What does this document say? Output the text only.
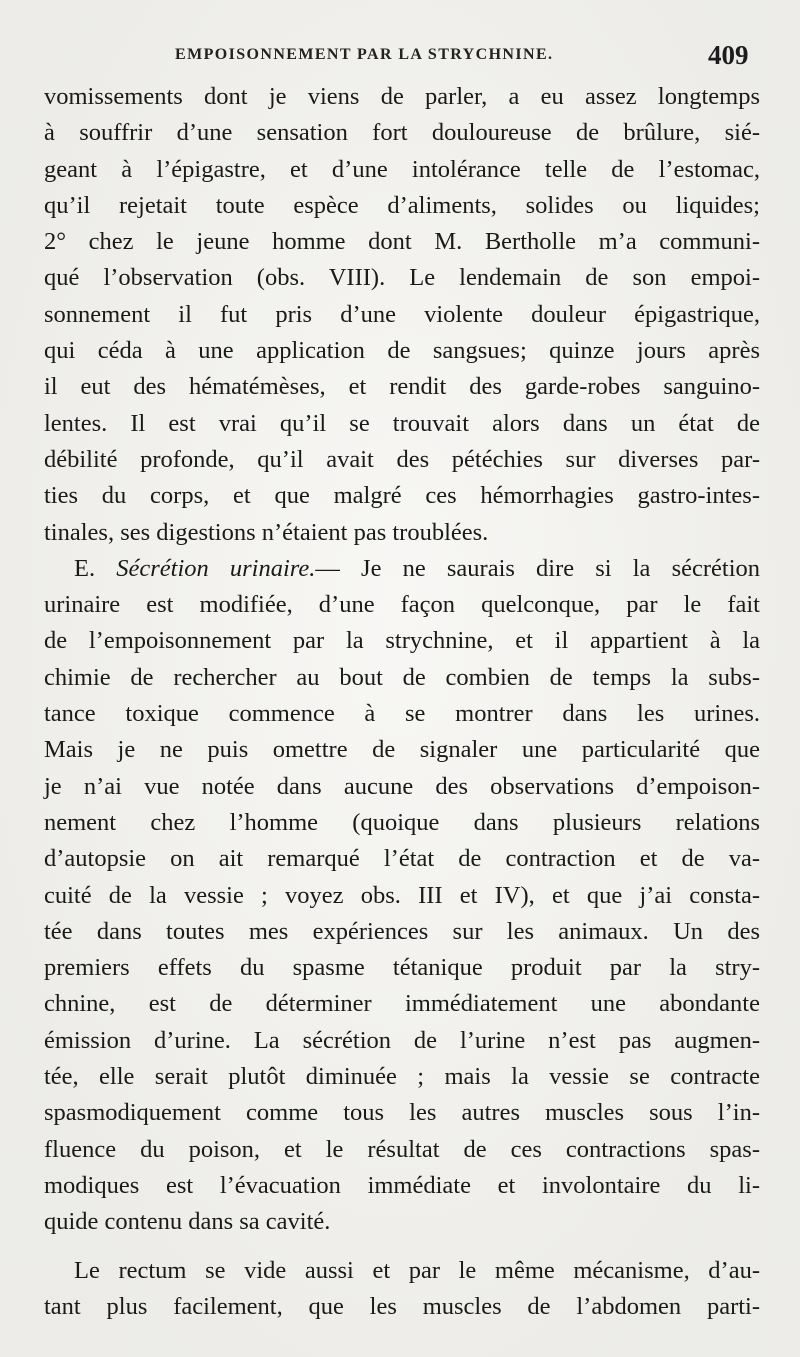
EMPOISONNEMENT PAR LA STRYCHNINE.	409
vomissements dont je viens de parler, a eu assez longtemps
à souffrir d’une sensation fort douloureuse de brûlure, sié-
geant à l’épigastre, et d’une intolérance telle de l’estomac,
qu’il rejetait toute espèce d’aliments, solides ou liquides;
2° chez le jeune homme dont M. Bertholle m’a communi-
qué l’observation (obs. VIII). Le lendemain de son empoi-
sonnement il fut pris d’une violente douleur épigastrique,
qui céda à une application de sangsues; quinze jours après
il eut des hématémèses, et rendit des garde-robes sanguino-
lentes. Il est vrai qu’il se trouvait alors dans un état de
débilité profonde, qu’il avait des pétéchies sur diverses par-
ties du corps, et que malgré ces hémorrhagies gastro-intes-
tinales, ses digestions n’étaient pas troublées.
E. Sécrétion urinaire.— Je ne saurais dire si la sécrétion
urinaire est modifiée, d’une façon quelconque, par le fait
de l’empoisonnement par la strychnine, et il appartient à la
chimie de rechercher au bout de combien de temps la subs-
tance toxique commence à se montrer dans les urines.
Mais je ne puis omettre de signaler une particularité que
je n’ai vue notée dans aucune des observations d’empoison-
nement chez l’homme (quoique dans plusieurs relations
d’autopsie on ait remarqué l’état de contraction et de va-
cuité de la vessie ; voyez obs. III et IV), et que j’ai consta-
tée dans toutes mes expériences sur les animaux. Un des
premiers effets du spasme tétanique produit par la stry-
chnine, est de déterminer immédiatement une abondante
émission d’urine. La sécrétion de l’urine n’est pas augmen-
tée, elle serait plutôt diminuée ; mais la vessie se contracte
spasmodiquement comme tous les autres muscles sous l’in-
fluence du poison, et le résultat de ces contractions spas-
modiques est l’évacuation immédiate et involontaire du li-
quide contenu dans sa cavité.
Le rectum se vide aussi et par le même mécanisme, d’au-
tant plus facilement, que les muscles de l’abdomen parti-
